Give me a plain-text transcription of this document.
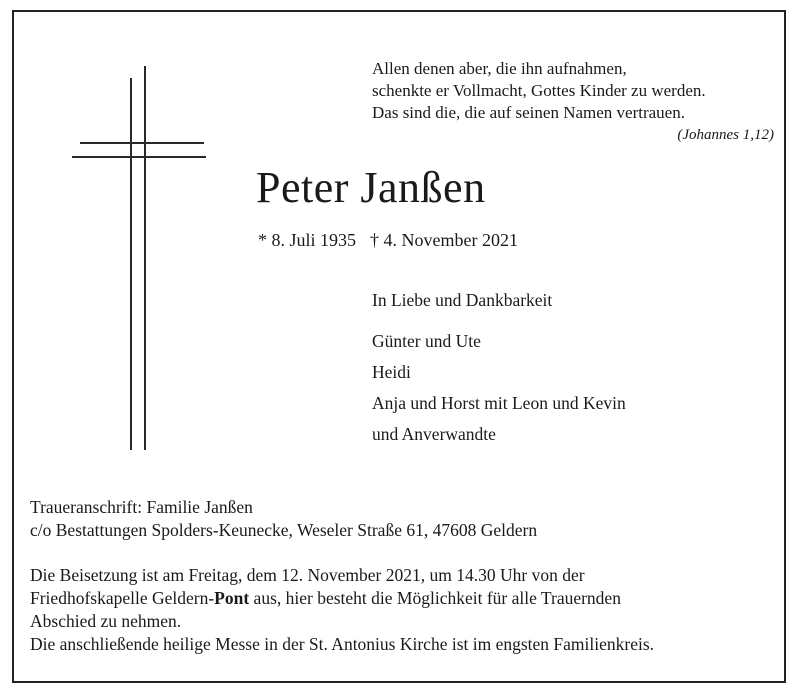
Allen denen aber, die ihn aufnahmen,
schenkte er Vollmacht, Gottes Kinder zu werden.
Das sind die, die auf seinen Namen vertrauen.
(Johannes 1,12)
Peter Janßen
* 8. Juli 1935 † 4. November 2021
In Liebe und Dankbarkeit
Günter und Ute
Heidi
Anja und Horst mit Leon und Kevin
und Anverwandte
Traueranschrift: Familie Janßen
c/o Bestattungen Spolders-Keunecke, Weseler Straße 61, 47608 Geldern
Die Beisetzung ist am Freitag, dem 12. November 2021, um 14.30 Uhr von der
Friedhofskapelle Geldern-Pont aus, hier besteht die Möglichkeit für alle Trauernden
Abschied zu nehmen.
Die anschließende heilige Messe in der St. Antonius Kirche ist im engsten Familienkreis.
